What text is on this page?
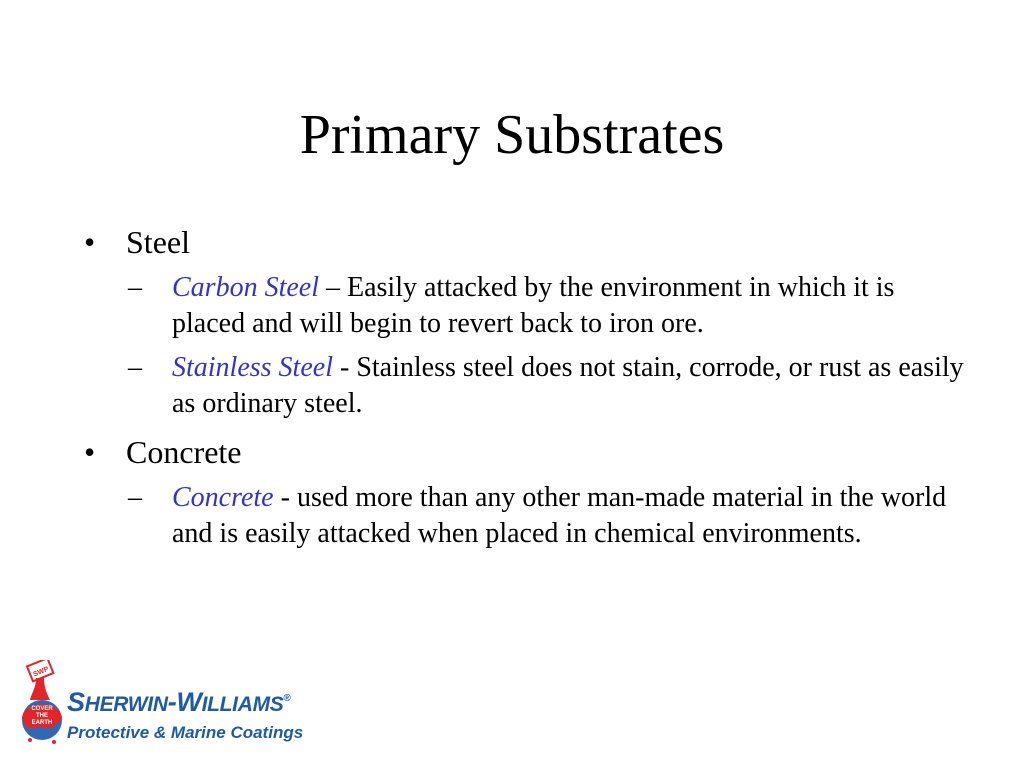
Primary Substrates
• Steel
–	Carbon Steel – Easily attacked by the environment in which it is placed and will begin to revert back to iron ore.
–	Stainless Steel - Stainless steel does not stain, corrode, or rust as easily as ordinary steel.
• Concrete
–	Concrete - used more than any other man-made material in the world and is easily attacked when placed in chemical environments.
SWP
COVER
THE
EARTH
SHERWIN-WILLIAMS®
Protective & Marine Coatings
